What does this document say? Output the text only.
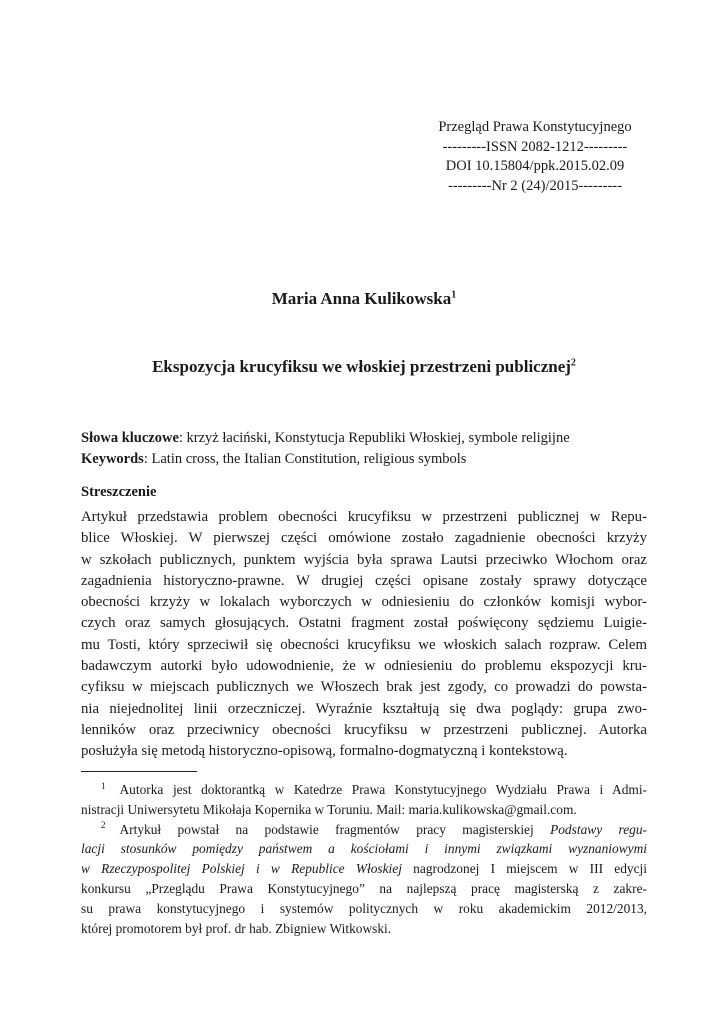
Przegląd Prawa Konstytucyjnego
---------ISSN 2082-1212---------
DOI 10.15804/ppk.2015.02.09
---------Nr 2 (24)/2015---------
Maria Anna Kulikowska$^1$
Ekspozycja krucyfiksu we włoskiej przestrzeni publicznej$^2$
Słowa kluczowe: krzyż łaciński, Konstytucja Republiki Włoskiej, symbole religijne
Keywords: Latin cross, the Italian Constitution, religious symbols
Streszczenie
Artykuł przedstawia problem obecności krucyfiksu w przestrzeni publicznej w Repu-
blice Włoskiej. W pierwszej części omówione zostało zagadnienie obecności krzyży
w szkołach publicznych, punktem wyjścia była sprawa Lautsi przeciwko Włochom oraz
zagadnienia historyczno-prawne. W drugiej części opisane zostały sprawy dotyczące
obecności krzyży w lokalach wyborczych w odniesieniu do członków komisji wybor-
czych oraz samych głosujących. Ostatni fragment został poświęcony sędziemu Luigie-
mu Tosti, który sprzeciwił się obecności krucyfiksu we włoskich salach rozpraw. Celem
badawczym autorki było udowodnienie, że w odniesieniu do problemu ekspozycji kru-
cyfiksu w miejscach publicznych we Włoszech brak jest zgody, co prowadzi do powsta-
nia niejednolitej linii orzeczniczej. Wyraźnie kształtują się dwa poglądy: grupa zwo-
lenników oraz przeciwnicy obecności krucyfiksu w przestrzeni publicznej. Autorka
posłużyła się metodą historyczno-opisową, formalno-dogmatyczną i kontekstową.
$^1$ Autorka jest doktorantką w Katedrze Prawa Konstytucyjnego Wydziału Prawa i Admi-
nistracji Uniwersytetu Mikołaja Kopernika w Toruniu. Mail: maria.kulikowska@gmail.com.
$^2$ Artykuł powstał na podstawie fragmentów pracy magisterskiej Podstawy regu-
lacji stosunków pomiędzy państwem a kościołami i innymi związkami wyznaniowymi
w Rzeczypospolitej Polskiej i w Republice Włoskiej nagrodzonej I miejscem w III edycji
konkursu „Przeglądu Prawa Konstytucyjnego” na najlepszą pracę magisterską z zakre-
su prawa konstytucyjnego i systemów politycznych w roku akademickim 2012/2013,
której promotorem był prof. dr hab. Zbigniew Witkowski.
